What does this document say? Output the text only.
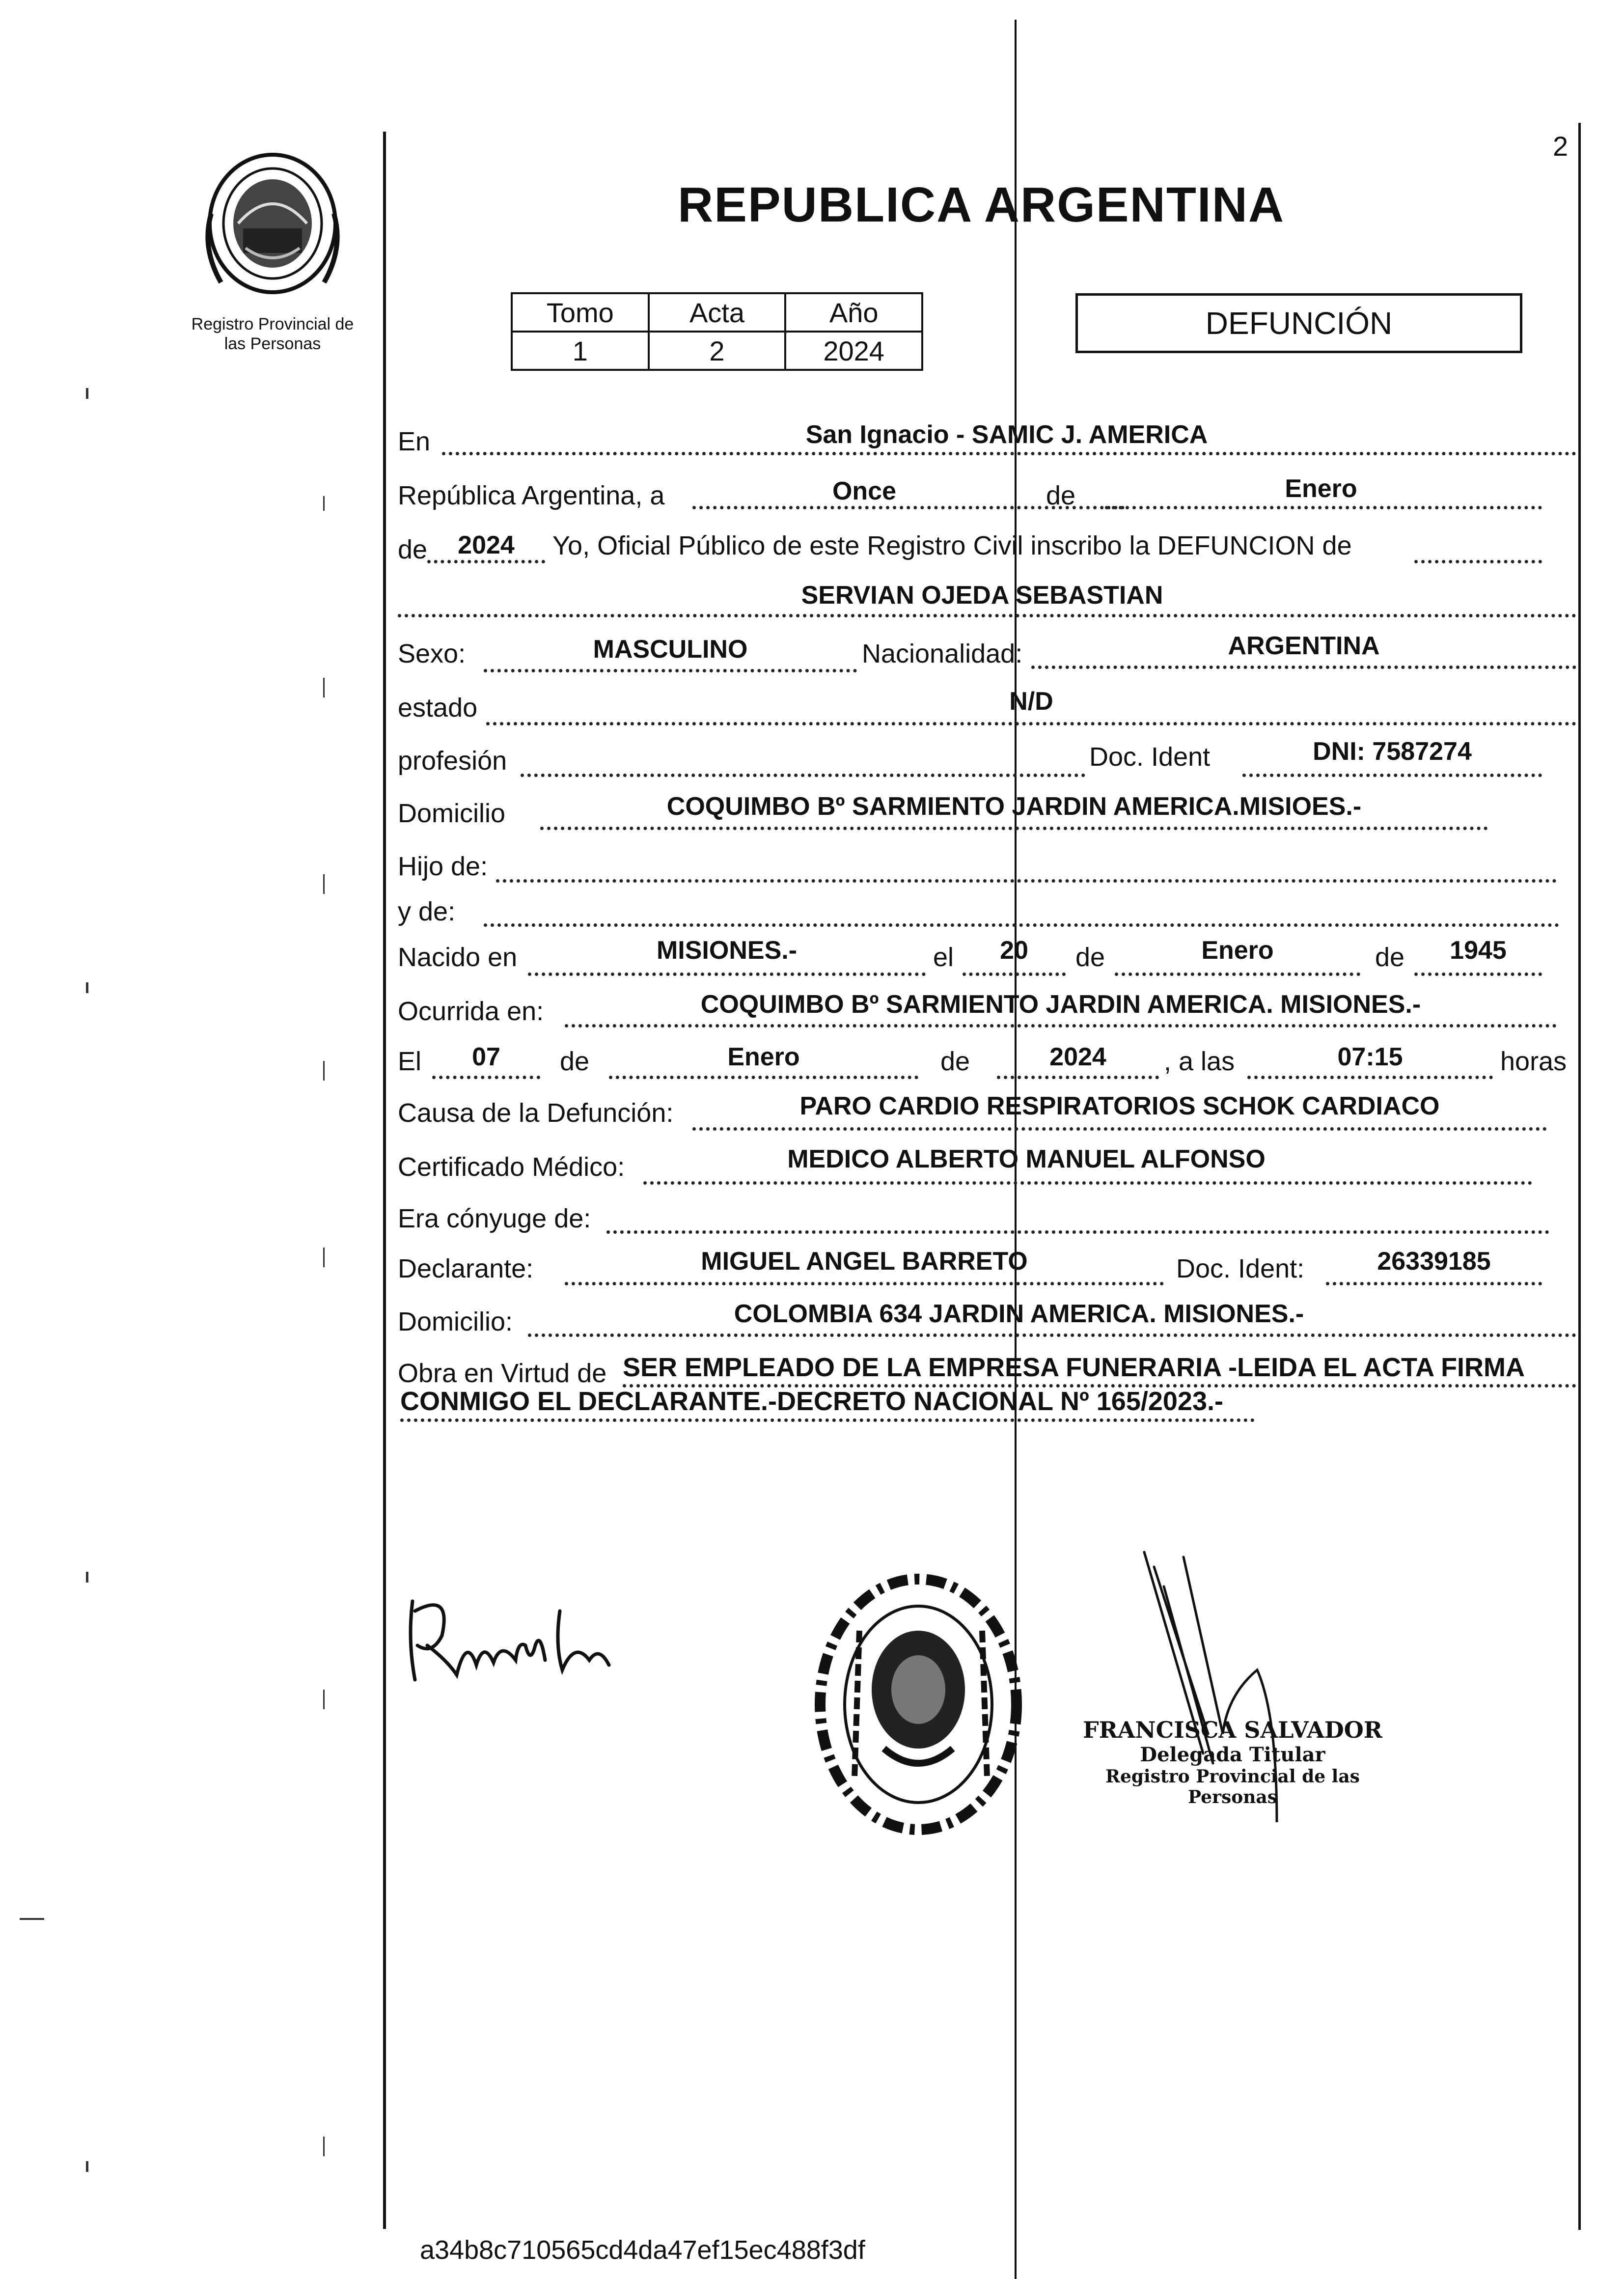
2
Registro Provincial de
las Personas
REPUBLICA ARGENTINA
Tomo	Acta	Año
1	2	2024
DEFUNCIÓN
En	San Ignacio - SAMIC J. AMERICA
República Argentina, a	Once	de	Enero
de	2024	Yo, Oficial Público de este Registro Civil inscribo la DEFUNCION de
SERVIAN OJEDA SEBASTIAN
Sexo:	MASCULINO	Nacionalidad:	ARGENTINA
estado	N/D
profesión	Doc. Ident	DNI: 7587274
Domicilio	COQUIMBO Bº SARMIENTO JARDIN AMERICA.MISIOES.-
Hijo de:
y de:
Nacido en	MISIONES.-	el	20	de	Enero	de	1945
Ocurrida en:	COQUIMBO Bº SARMIENTO JARDIN AMERICA. MISIONES.-
El	07	de	Enero	de	2024	, a las	07:15	horas
Causa de la Defunción:	PARO CARDIO RESPIRATORIOS SCHOK CARDIACO
Certificado Médico:	MEDICO ALBERTO MANUEL ALFONSO
Era cónyuge de:
Declarante:	MIGUEL ANGEL BARRETO	Doc. Ident:	26339185
Domicilio:	COLOMBIA 634 JARDIN AMERICA. MISIONES.-
Obra en Virtud de SER EMPLEADO DE LA EMPRESA FUNERARIA -LEIDA EL ACTA FIRMA
CONMIGO EL DECLARANTE.-DECRETO NACIONAL Nº 165/2023.-
FRANCISCA SALVADOR
Delegada Titular
Registro Provincial de las Personas
a34b8c710565cd4da47ef15ec488f3df
